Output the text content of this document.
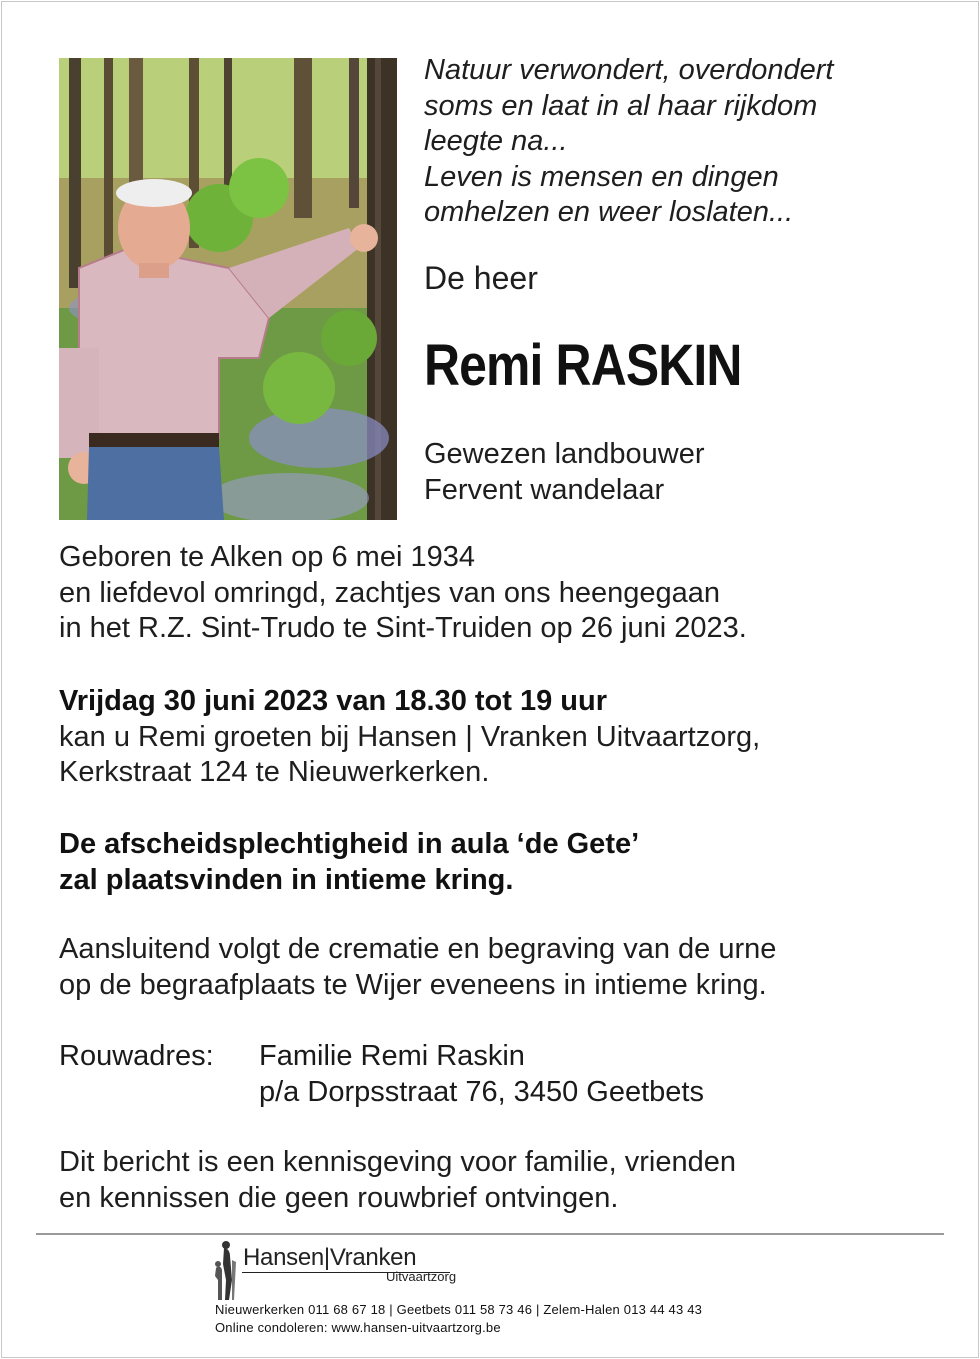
Natuur verwondert, overdondert
soms en laat in al haar rijkdom
leegte na...
Leven is mensen en dingen
omhelzen en weer loslaten...
De heer
Remi RASKIN
Gewezen landbouwer
Fervent wandelaar
Geboren te Alken op 6 mei 1934
en liefdevol omringd, zachtjes van ons heengegaan
in het R.Z. Sint-Trudo te Sint-Truiden op 26 juni 2023.
Vrijdag 30 juni 2023 van 18.30 tot 19 uur
kan u Remi groeten bij Hansen | Vranken Uitvaartzorg,
Kerkstraat 124 te Nieuwerkerken.
De afscheidsplechtigheid in aula ‘de Gete’
zal plaatsvinden in intieme kring.
Aansluitend volgt de crematie en begraving van de urne
op de begraafplaats te Wijer eveneens in intieme kring.
Rouwadres: Familie Remi Raskin
p/a Dorpsstraat 76, 3450 Geetbets
Dit bericht is een kennisgeving voor familie, vrienden
en kennissen die geen rouwbrief ontvingen.
Hansen|Vranken
Uitvaartzorg
Nieuwerkerken 011 68 67 18 | Geetbets 011 58 73 46 | Zelem-Halen 013 44 43 43
Online condoleren: www.hansen-uitvaartzorg.be
